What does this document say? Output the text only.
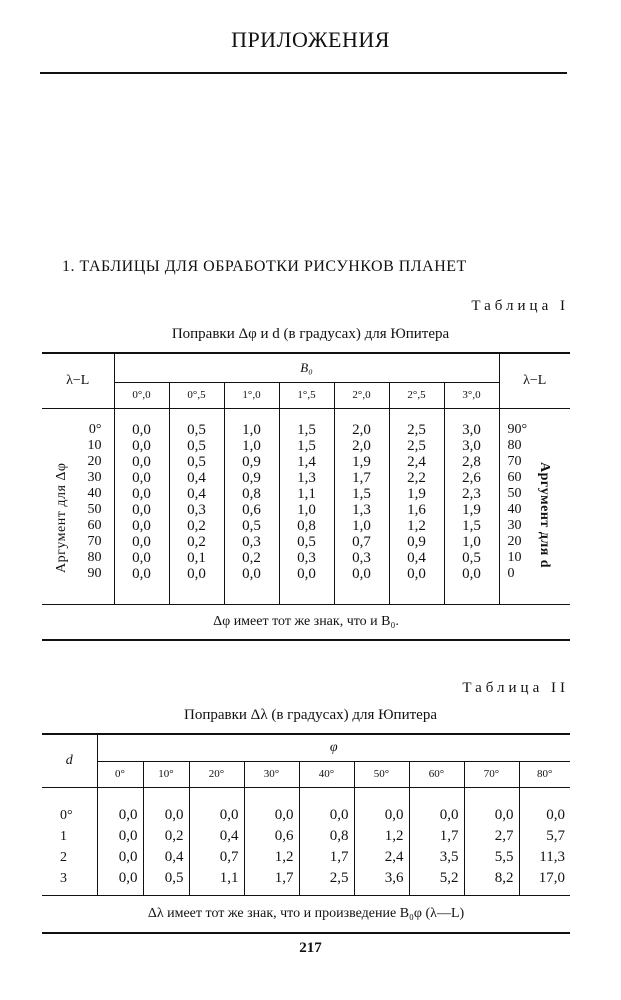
ПРИЛОЖЕНИЯ
1. ТАБЛИЦЫ ДЛЯ ОБРАБОТКИ РИСУНКОВ ПЛАНЕТ
Таблица I
Поправки Δφ и d (в градусах) для Юпитера
λ−L	B₀							λ−L
	0°,0	0°,5	1°,0	1°,5	2°,0	2°,5	3°,0	

0°	0,0	0,5	1,0	1,5	2,0	2,5	3,0	90°
10	0,0	0,5	1,0	1,5	2,0	2,5	3,0	80
20	0,0	0,5	0,9	1,4	1,9	2,4	2,8	70
30	0,0	0,4	0,9	1,3	1,7	2,2	2,6	60
40	0,0	0,4	0,8	1,1	1,5	1,9	2,3	50
50	0,0	0,3	0,6	1,0	1,3	1,6	1,9	40
60	0,0	0,2	0,5	0,8	1,0	1,2	1,5	30
70	0,0	0,2	0,3	0,5	0,7	0,9	1,0	20
80	0,0	0,1	0,2	0,3	0,3	0,4	0,5	10
90	0,0	0,0	0,0	0,0	0,0	0,0	0,0	0

Δφ имеет тот же знак, что и B₀.								
Таблица II
Поправки Δλ (в градусах) для Юпитера
d	φ								
	0°	10°	20°	30°	40°	50°	60°	70°	80°

0°	0,0	0,0	0,0	0,0	0,0	0,0	0,0	0,0	0,0
1	0,0	0,2	0,4	0,6	0,8	1,2	1,7	2,7	5,7
2	0,0	0,4	0,7	1,2	1,7	2,4	3,5	5,5	11,3
3	0,0	0,5	1,1	1,7	2,5	3,6	5,2	8,2	17,0

Δλ имеет тот же знак, что и произведение B₀φ (λ—L)									
217
Аргумент для Δφ	Аргумент для d
